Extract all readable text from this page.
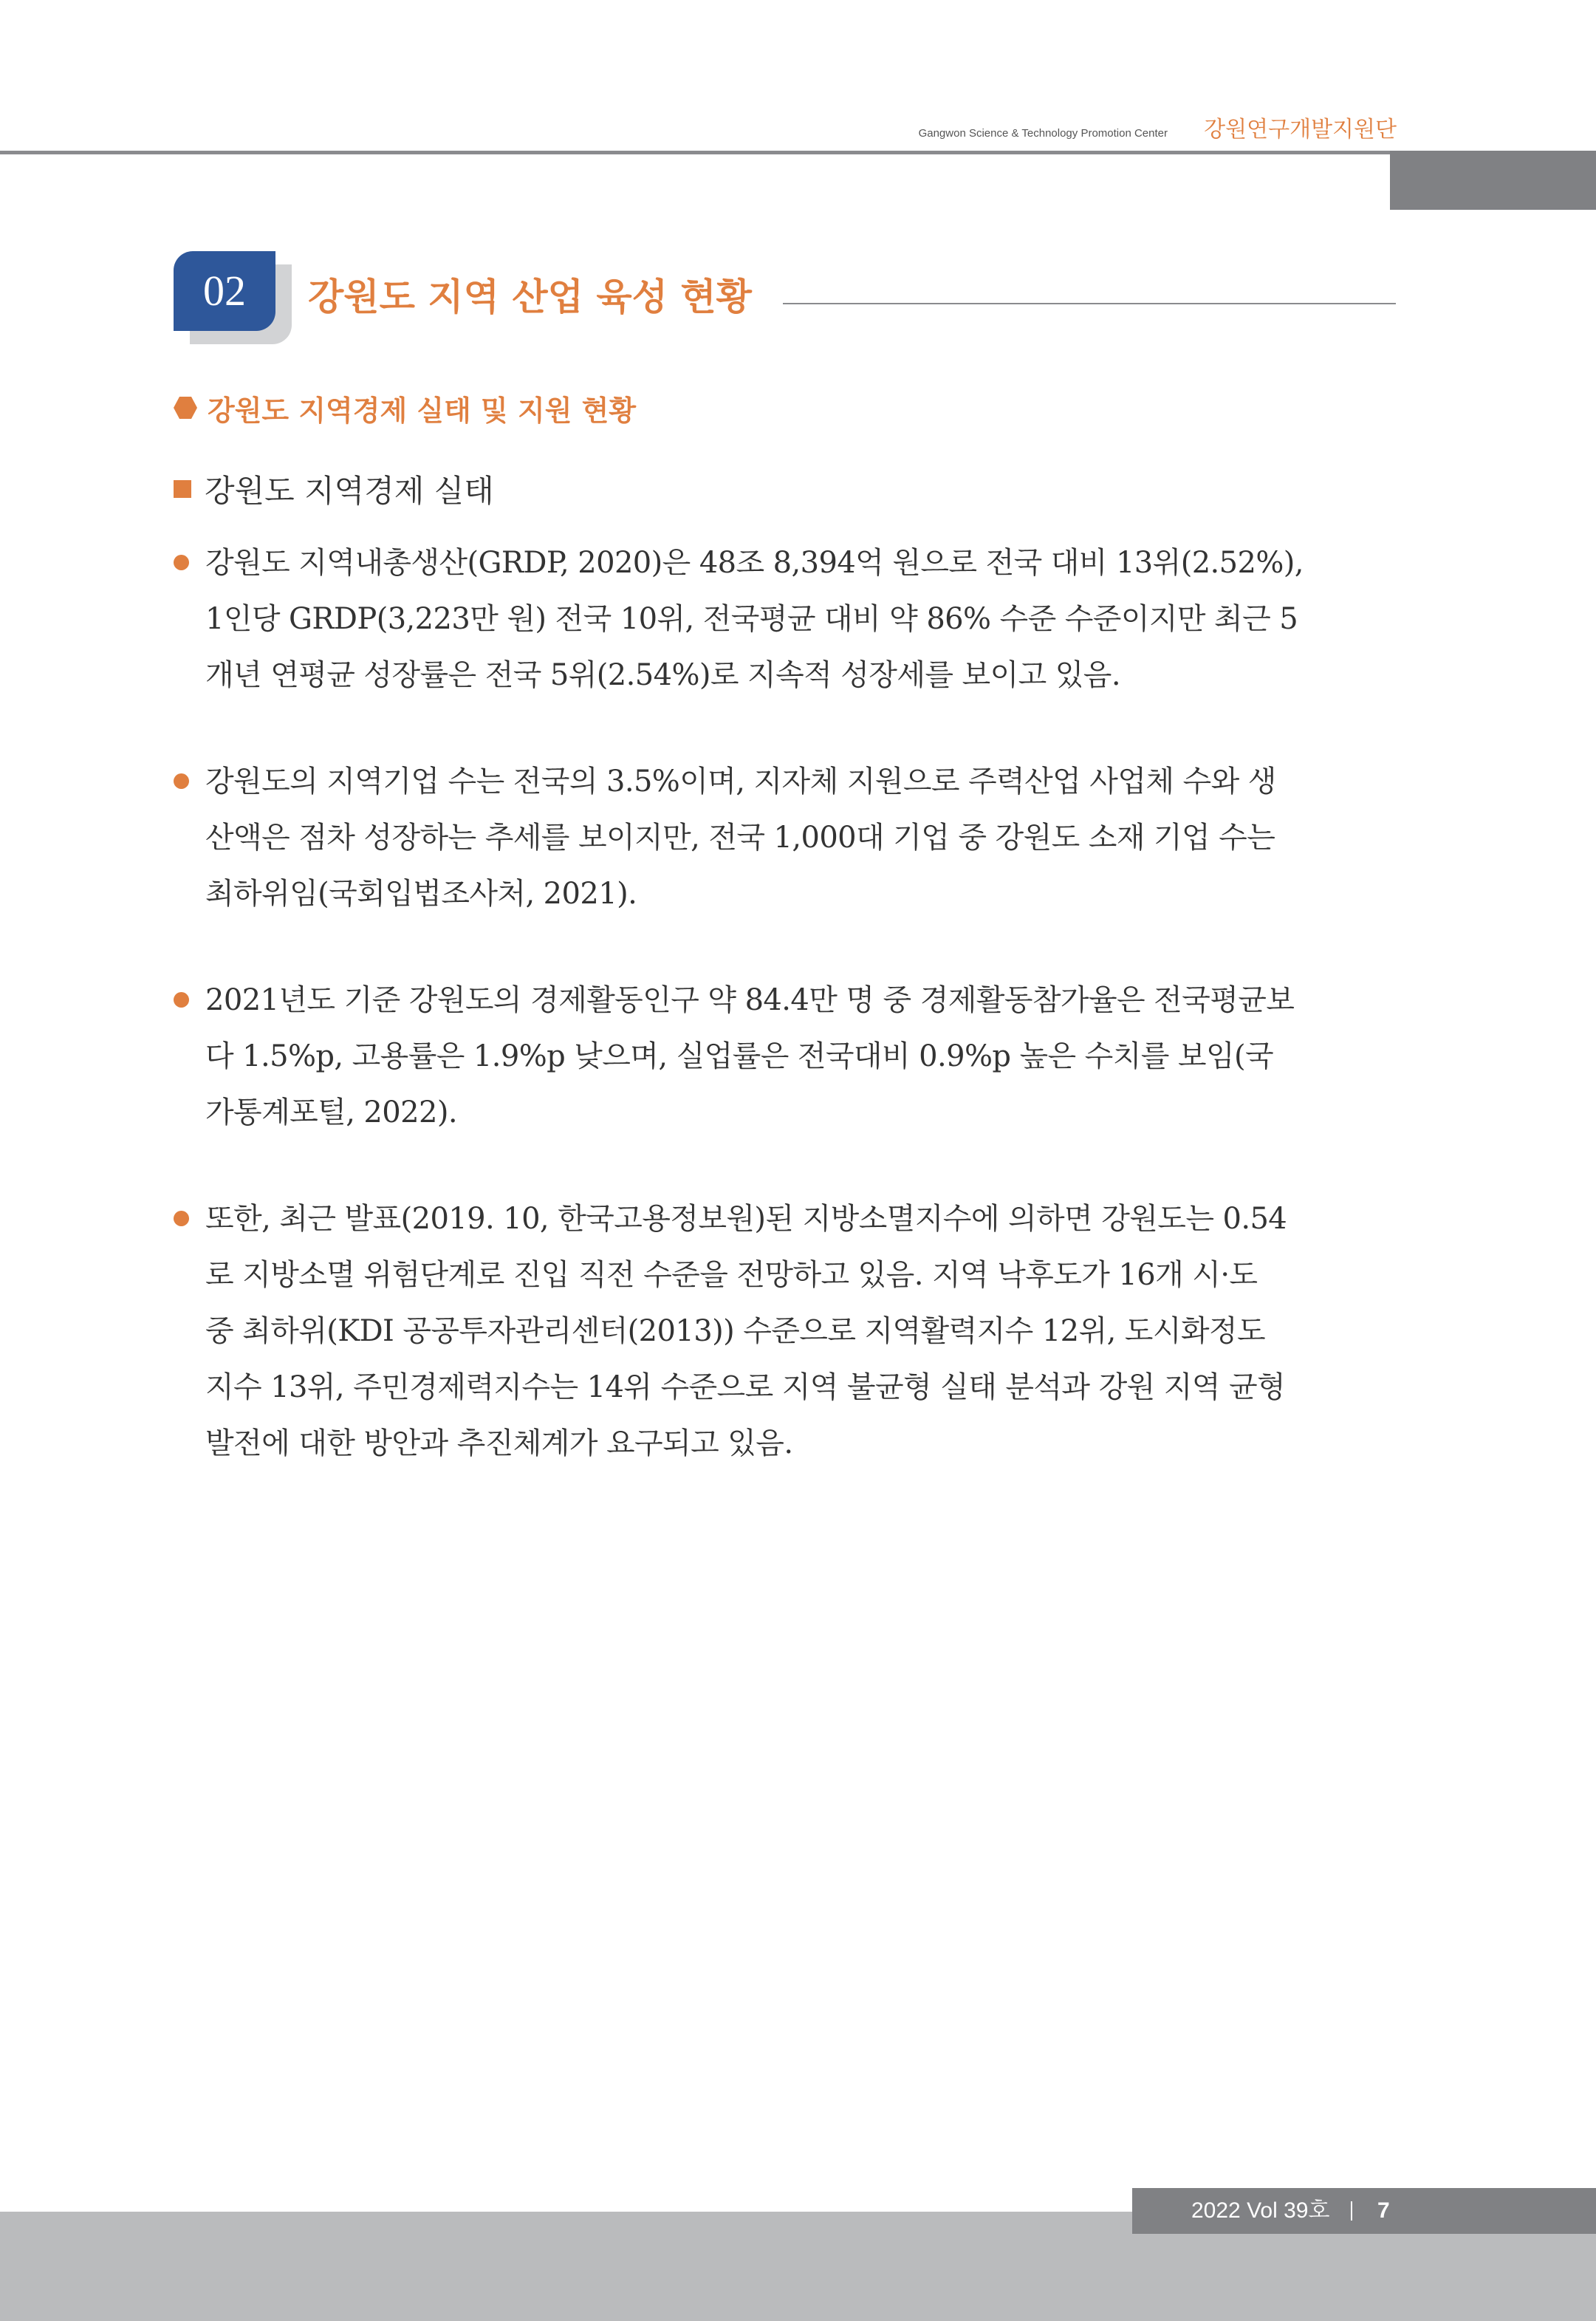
Gangwon Science & Technology Promotion Center 강원연구개발지원단
02	강원도 지역 산업 육성 현황
강원도 지역경제 실태 및 지원 현황
강원도 지역경제 실태
강원도 지역내총생산(GRDP, 2020)은 48조 8,394억 원으로 전국 대비 13위(2.52%),
1인당 GRDP(3,223만 원) 전국 10위, 전국평균 대비 약 86% 수준 수준이지만 최근 5
개년 연평균 성장률은 전국 5위(2.54%)로 지속적 성장세를 보이고 있음.
강원도의 지역기업 수는 전국의 3.5%이며, 지자체 지원으로 주력산업 사업체 수와 생
산액은 점차 성장하는 추세를 보이지만, 전국 1,000대 기업 중 강원도 소재 기업 수는
최하위임(국회입법조사처, 2021).
2021년도 기준 강원도의 경제활동인구 약 84.4만 명 중 경제활동참가율은 전국평균보
다 1.5%p, 고용률은 1.9%p 낮으며, 실업률은 전국대비 0.9%p 높은 수치를 보임(국
가통계포털, 2022).
또한, 최근 발표(2019. 10, 한국고용정보원)된 지방소멸지수에 의하면 강원도는 0.54
로 지방소멸 위험단계로 진입 직전 수준을 전망하고 있음. 지역 낙후도가 16개 시·도
중 최하위(KDI 공공투자관리센터(2013)) 수준으로 지역활력지수 12위, 도시화정도
지수 13위, 주민경제력지수는 14위 수준으로 지역 불균형 실태 분석과 강원 지역 균형
발전에 대한 방안과 추진체계가 요구되고 있음.
2022 Vol 39호 7
